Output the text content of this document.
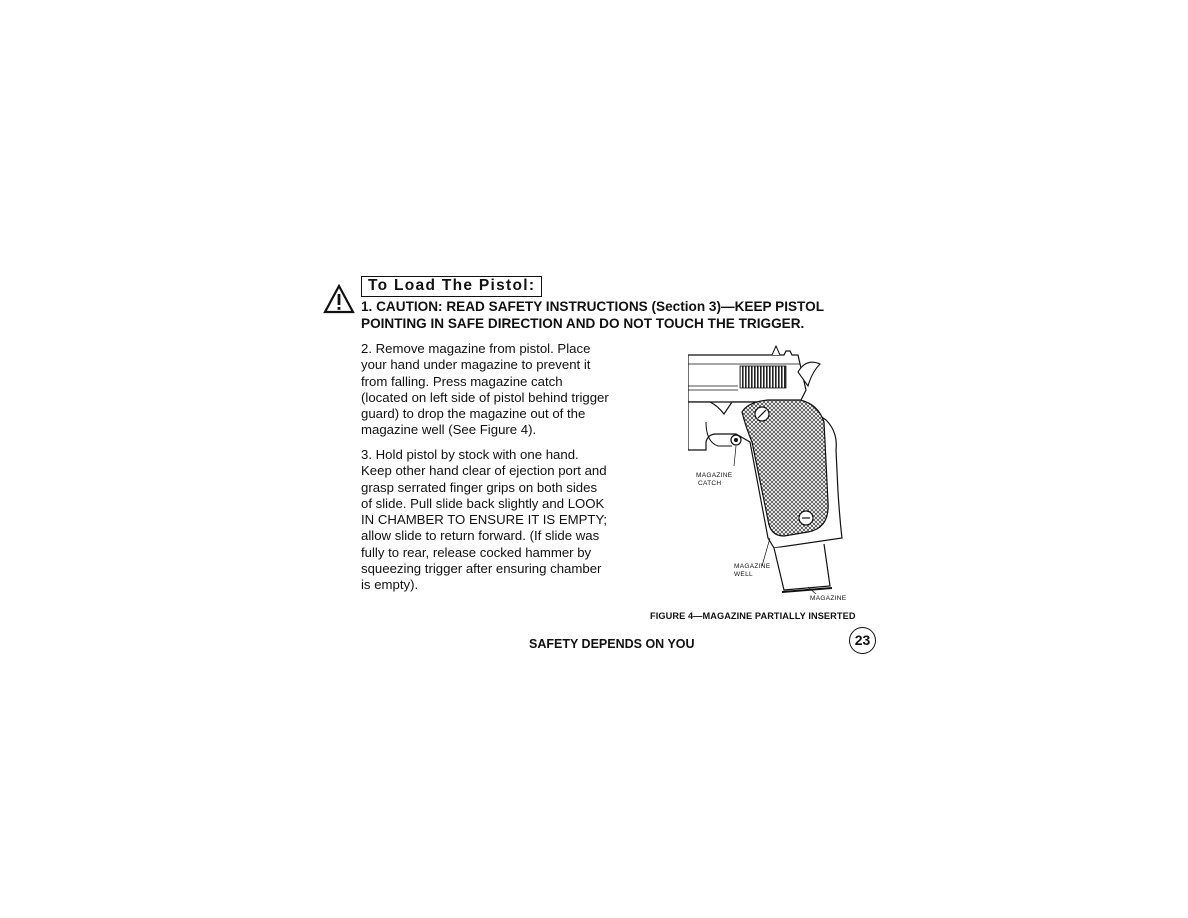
To Load The Pistol:
1. CAUTION: READ SAFETY INSTRUCTIONS (Section 3)—KEEP PISTOL
POINTING IN SAFE DIRECTION AND DO NOT TOUCH THE TRIGGER.
2. Remove magazine from pistol. Place
your hand under magazine to prevent it
from falling. Press magazine catch
(located on left side of pistol behind trigger
guard) to drop the magazine out of the
magazine well (See Figure 4).
3. Hold pistol by stock with one hand.
Keep other hand clear of ejection port and
grasp serrated finger grips on both sides
of slide. Pull slide back slightly and LOOK
IN CHAMBER TO ENSURE IT IS EMPTY;
allow slide to return forward. (If slide was
fully to rear, release cocked hammer by
squeezing trigger after ensuring chamber
is empty).
MAGAZINE
CATCH
MAGAZINE
WELL
MAGAZINE
FIGURE 4—MAGAZINE PARTIALLY INSERTED
SAFETY DEPENDS ON YOU	23
